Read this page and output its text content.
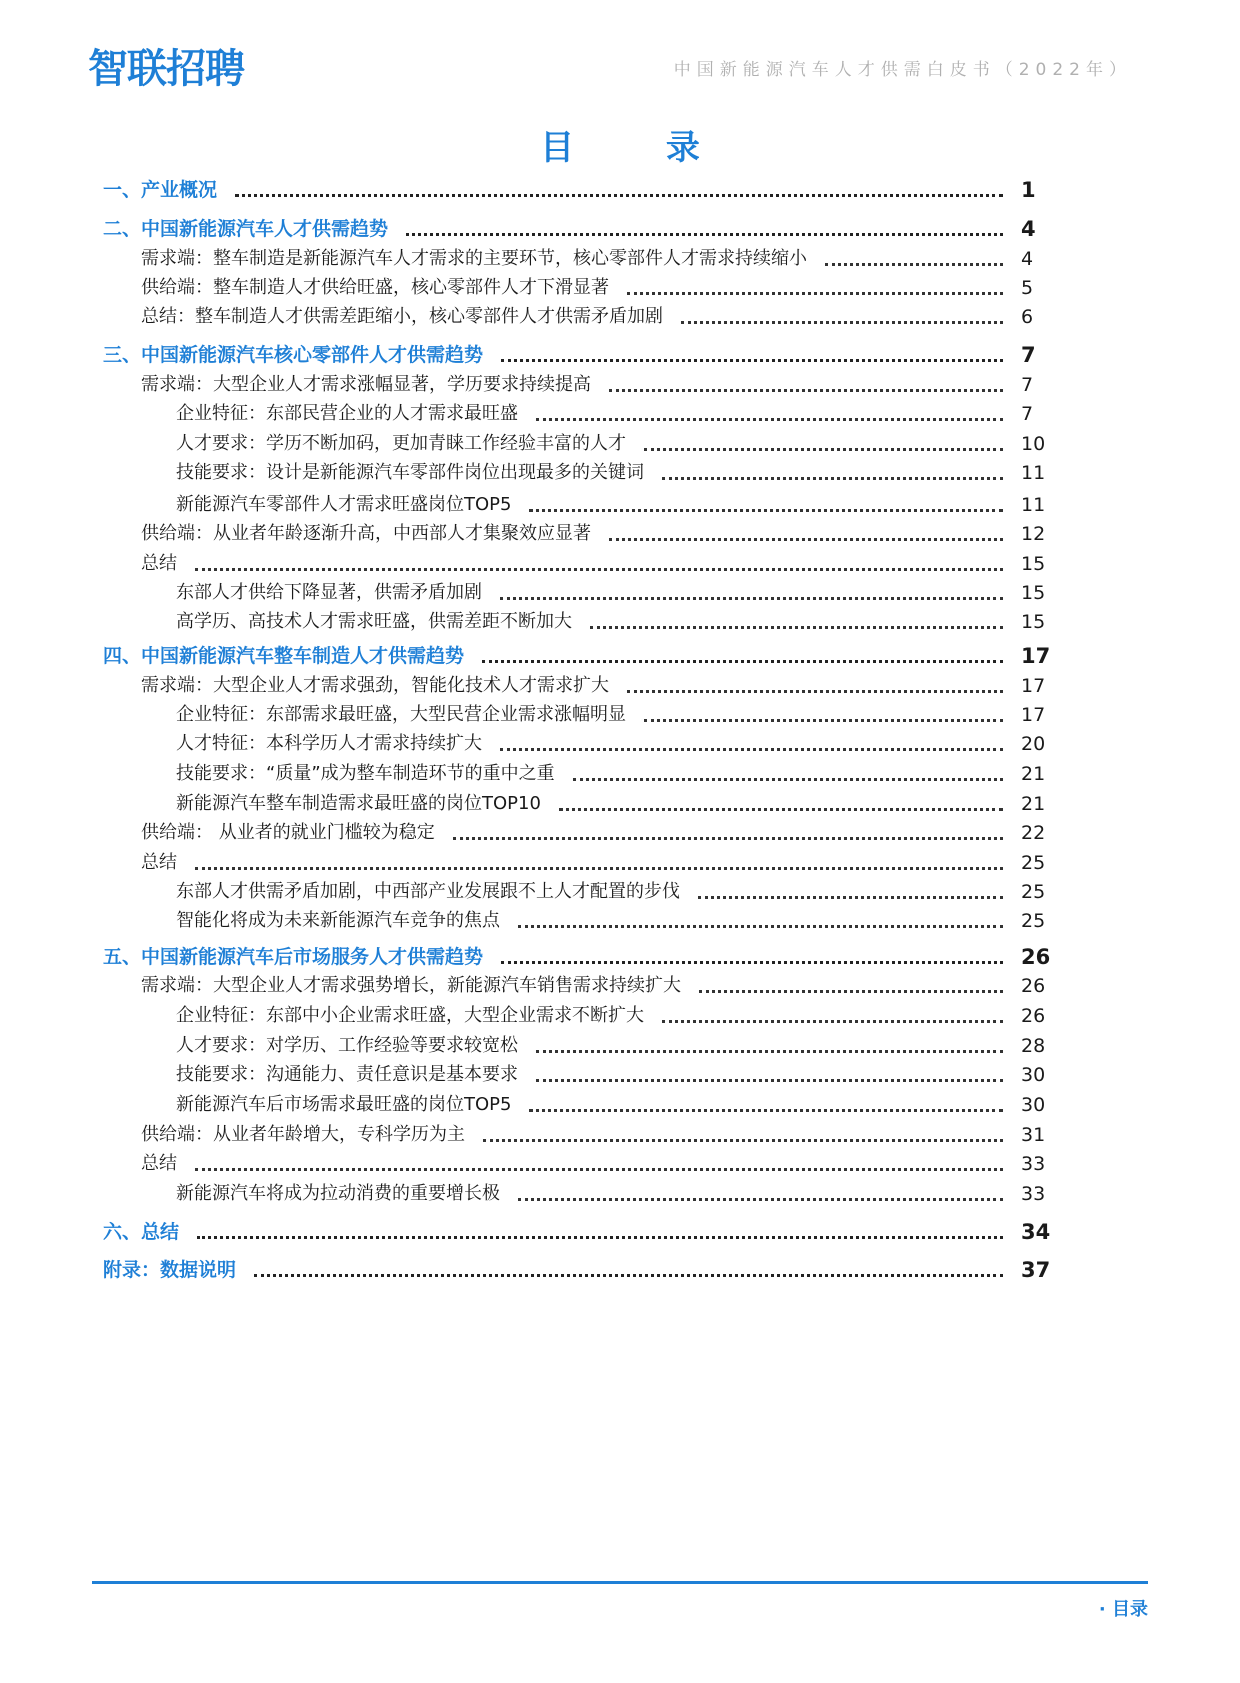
智联招聘	中国新能源汽车人才供需白皮书（2022年）
目 录
一、产业概况	1
二、中国新能源汽车人才供需趋势	4
需求端：整车制造是新能源汽车人才需求的主要环节，核心零部件人才需求持续缩小	4
供给端：整车制造人才供给旺盛，核心零部件人才下滑显著	5
总结：整车制造人才供需差距缩小，核心零部件人才供需矛盾加剧	6
三、中国新能源汽车核心零部件人才供需趋势	7
需求端：大型企业人才需求涨幅显著，学历要求持续提高	7
企业特征：东部民营企业的人才需求最旺盛	7
人才要求：学历不断加码，更加青睐工作经验丰富的人才	10
技能要求：设计是新能源汽车零部件岗位出现最多的关键词	11
新能源汽车零部件人才需求旺盛岗位TOP5	11
供给端：从业者年龄逐渐升高，中西部人才集聚效应显著	12
总结	15
东部人才供给下降显著，供需矛盾加剧	15
高学历、高技术人才需求旺盛，供需差距不断加大	15
四、中国新能源汽车整车制造人才供需趋势	17
需求端：大型企业人才需求强劲，智能化技术人才需求扩大	17
企业特征：东部需求最旺盛，大型民营企业需求涨幅明显	17
人才特征：本科学历人才需求持续扩大	20
技能要求：“质量”成为整车制造环节的重中之重	21
新能源汽车整车制造需求最旺盛的岗位TOP10	21
供给端： 从业者的就业门槛较为稳定	22
总结	25
东部人才供需矛盾加剧，中西部产业发展跟不上人才配置的步伐	25
智能化将成为未来新能源汽车竞争的焦点	25
五、中国新能源汽车后市场服务人才供需趋势	26
需求端：大型企业人才需求强势增长，新能源汽车销售需求持续扩大	26
企业特征：东部中小企业需求旺盛，大型企业需求不断扩大	26
人才要求：对学历、工作经验等要求较宽松	28
技能要求：沟通能力、责任意识是基本要求	30
新能源汽车后市场需求最旺盛的岗位TOP5	30
供给端：从业者年龄增大，专科学历为主	31
总结	33
新能源汽车将成为拉动消费的重要增长极	33
六、总结	34
附录：数据说明	37
· 目录
